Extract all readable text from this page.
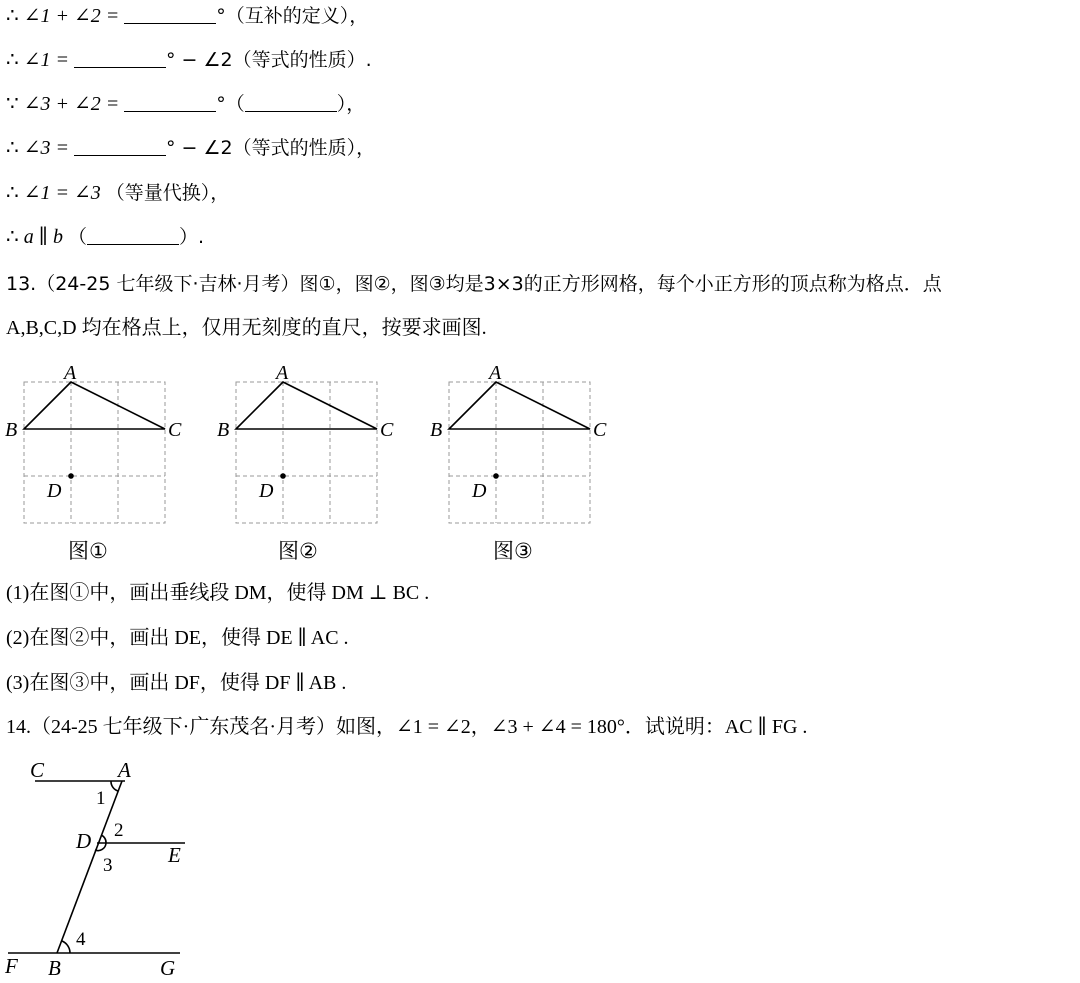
∴ ∠1 + ∠2 =	°（互补的定义），
∴ ∠1 =	° − ∠2（等式的性质）.
∵ ∠3 + ∠2 =	°（	），
∴ ∠3 =	° − ∠2（等式的性质），
∴ ∠1 = ∠3 （等量代换），
∴ a ∥ b （	）.
13.（24-25 七年级下·吉林·月考）图①，图②，图③均是3×3的正方形网格，每个小正方形的顶点称为格点．点
A,B,C,D 均在格点上，仅用无刻度的直尺，按要求画图.
A
B	C
D
图①
A
B	C
D
图②
A
B	C
D
图③
(1)在图①中，画出垂线段 DM，使得 DM ⊥ BC .
(2)在图②中，画出 DE，使得 DE ∥ AC .
(3)在图③中，画出 DF，使得 DF ∥ AB .
14.（24-25 七年级下·广东茂名·月考）如图，∠1 = ∠2，∠3 + ∠4 = 180°．试说明：AC ∥ FG .
C	A
1
D 2
3	E
4
F B	G
